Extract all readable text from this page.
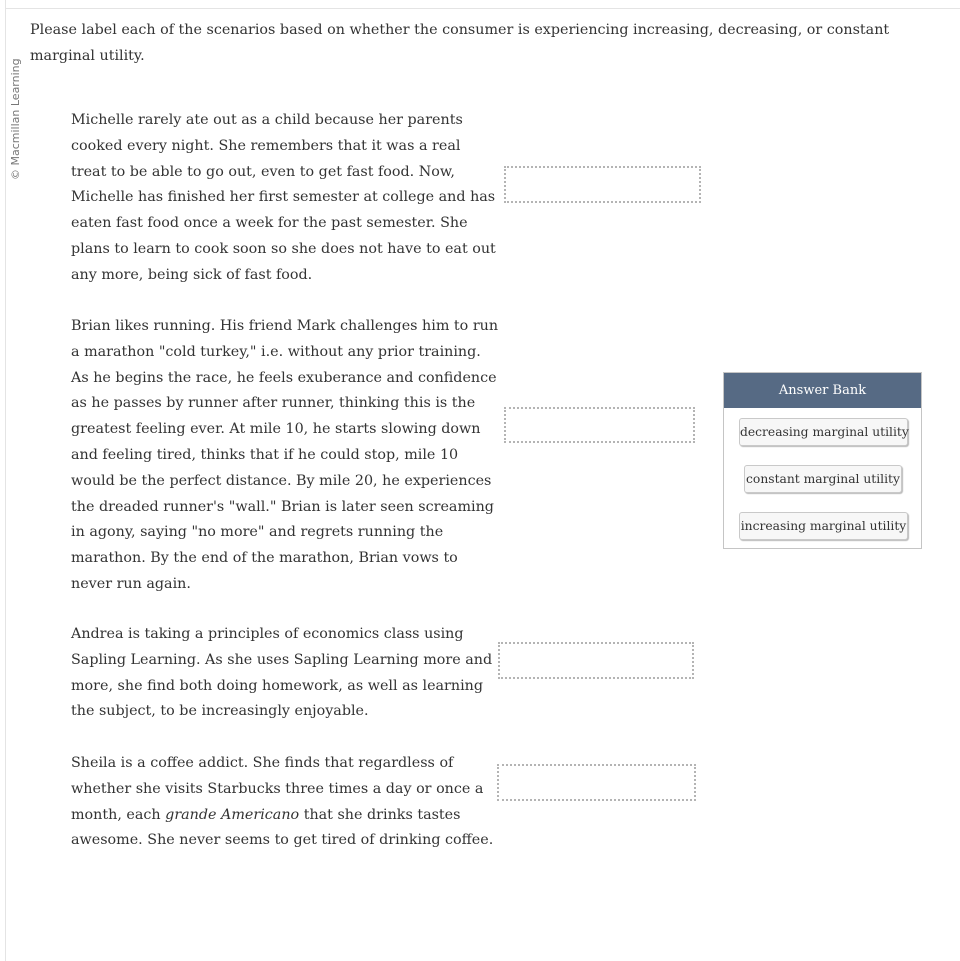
© Macmillan Learning
Please label each of the scenarios based on whether the consumer is experiencing increasing, decreasing, or constant marginal utility.
Michelle rarely ate out as a child because her parents cooked every night. She remembers that it was a real treat to be able to go out, even to get fast food. Now, Michelle has finished her first semester at college and has eaten fast food once a week for the past semester. She plans to learn to cook soon so she does not have to eat out any more, being sick of fast food.
Brian likes running. His friend Mark challenges him to run a marathon "cold turkey," i.e. without any prior training. As he begins the race, he feels exuberance and confidence as he passes by runner after runner, thinking this is the greatest feeling ever. At mile 10, he starts slowing down and feeling tired, thinks that if he could stop, mile 10 would be the perfect distance. By mile 20, he experiences the dreaded runner's "wall." Brian is later seen screaming in agony, saying "no more" and regrets running the marathon. By the end of the marathon, Brian vows to never run again.
Andrea is taking a principles of economics class using Sapling Learning. As she uses Sapling Learning more and more, she find both doing homework, as well as learning the subject, to be increasingly enjoyable.
Sheila is a coffee addict. She finds that regardless of whether she visits Starbucks three times a day or once a month, each grande Americano that she drinks tastes awesome. She never seems to get tired of drinking coffee.
Answer Bank
decreasing marginal utility
constant marginal utility
increasing marginal utility
